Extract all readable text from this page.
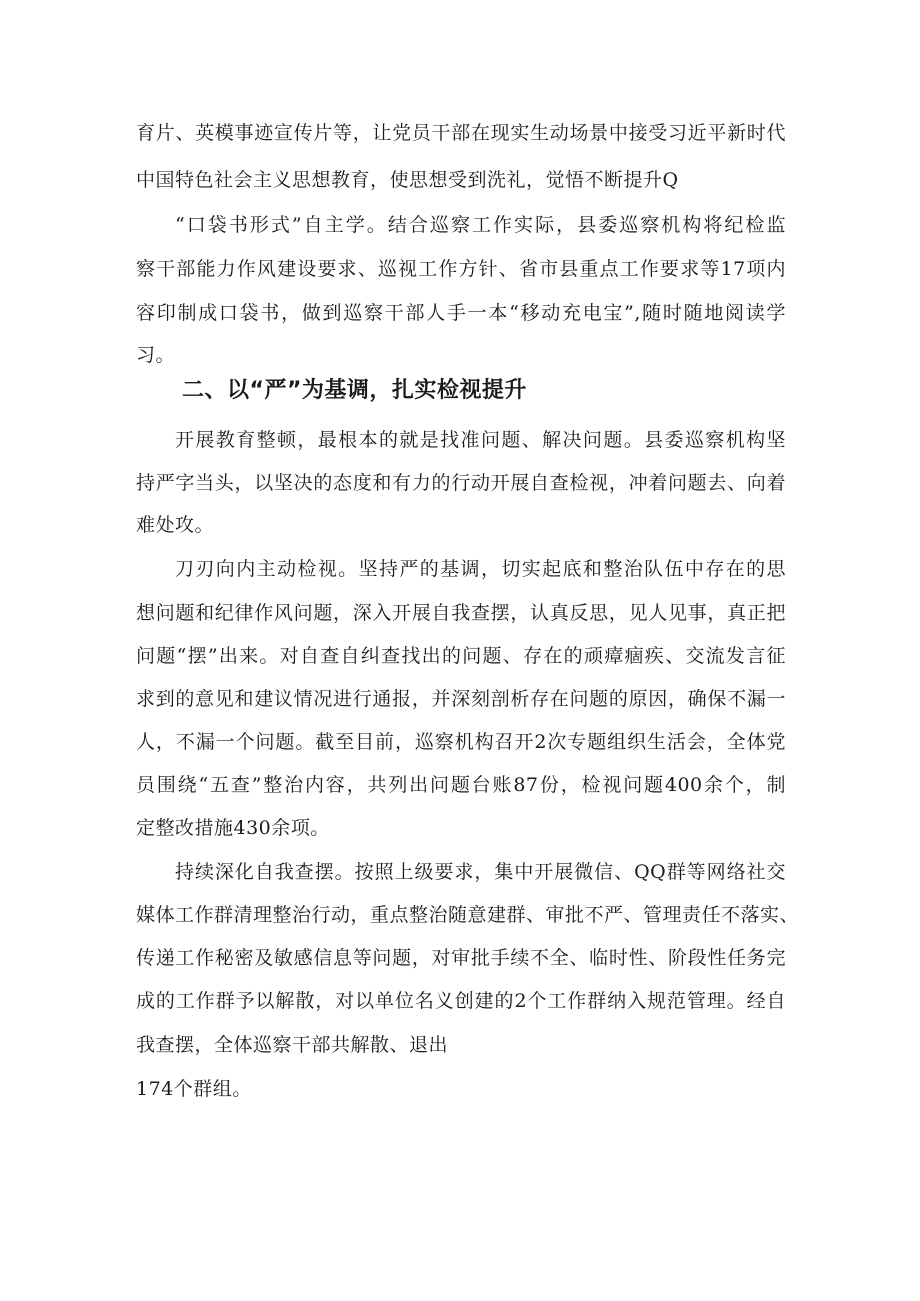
育片、英模事迹宣传片等，让党员干部在现实生动场景中接受习近平新时代
中国特色社会主义思想教育，使思想受到洗礼，觉悟不断提升Q
“口袋书形式”自主学。结合巡察工作实际，县委巡察机构将纪检监
察干部能力作风建设要求、巡视工作方针、省市县重点工作要求等17项内
容印制成口袋书，做到巡察干部人手一本“移动充电宝”,随时随地阅读学
习。
二、以“严”为基调，扎实检视提升
开展教育整顿，最根本的就是找准问题、解决问题。县委巡察机构坚
持严字当头，以坚决的态度和有力的行动开展自查检视，冲着问题去、向着
难处攻。
刀刃向内主动检视。坚持严的基调，切实起底和整治队伍中存在的思
想问题和纪律作风问题，深入开展自我查摆，认真反思，见人见事，真正把
问题“摆”出来。对自查自纠查找出的问题、存在的顽瘴痼疾、交流发言征
求到的意见和建议情况进行通报，并深刻剖析存在问题的原因，确保不漏一
人，不漏一个问题。截至目前，巡察机构召开2次专题组织生活会，全体党
员围绕“五查”整治内容，共列出问题台账87份，检视问题400余个，制
定整改措施430余项。
持续深化自我查摆。按照上级要求，集中开展微信、QQ群等网络社交
媒体工作群清理整治行动，重点整治随意建群、审批不严、管理责任不落实、
传递工作秘密及敏感信息等问题，对审批手续不全、临时性、阶段性任务完
成的工作群予以解散，对以单位名义创建的2个工作群纳入规范管理。经自
我查摆，全体巡察干部共解散、退出
174个群组。
